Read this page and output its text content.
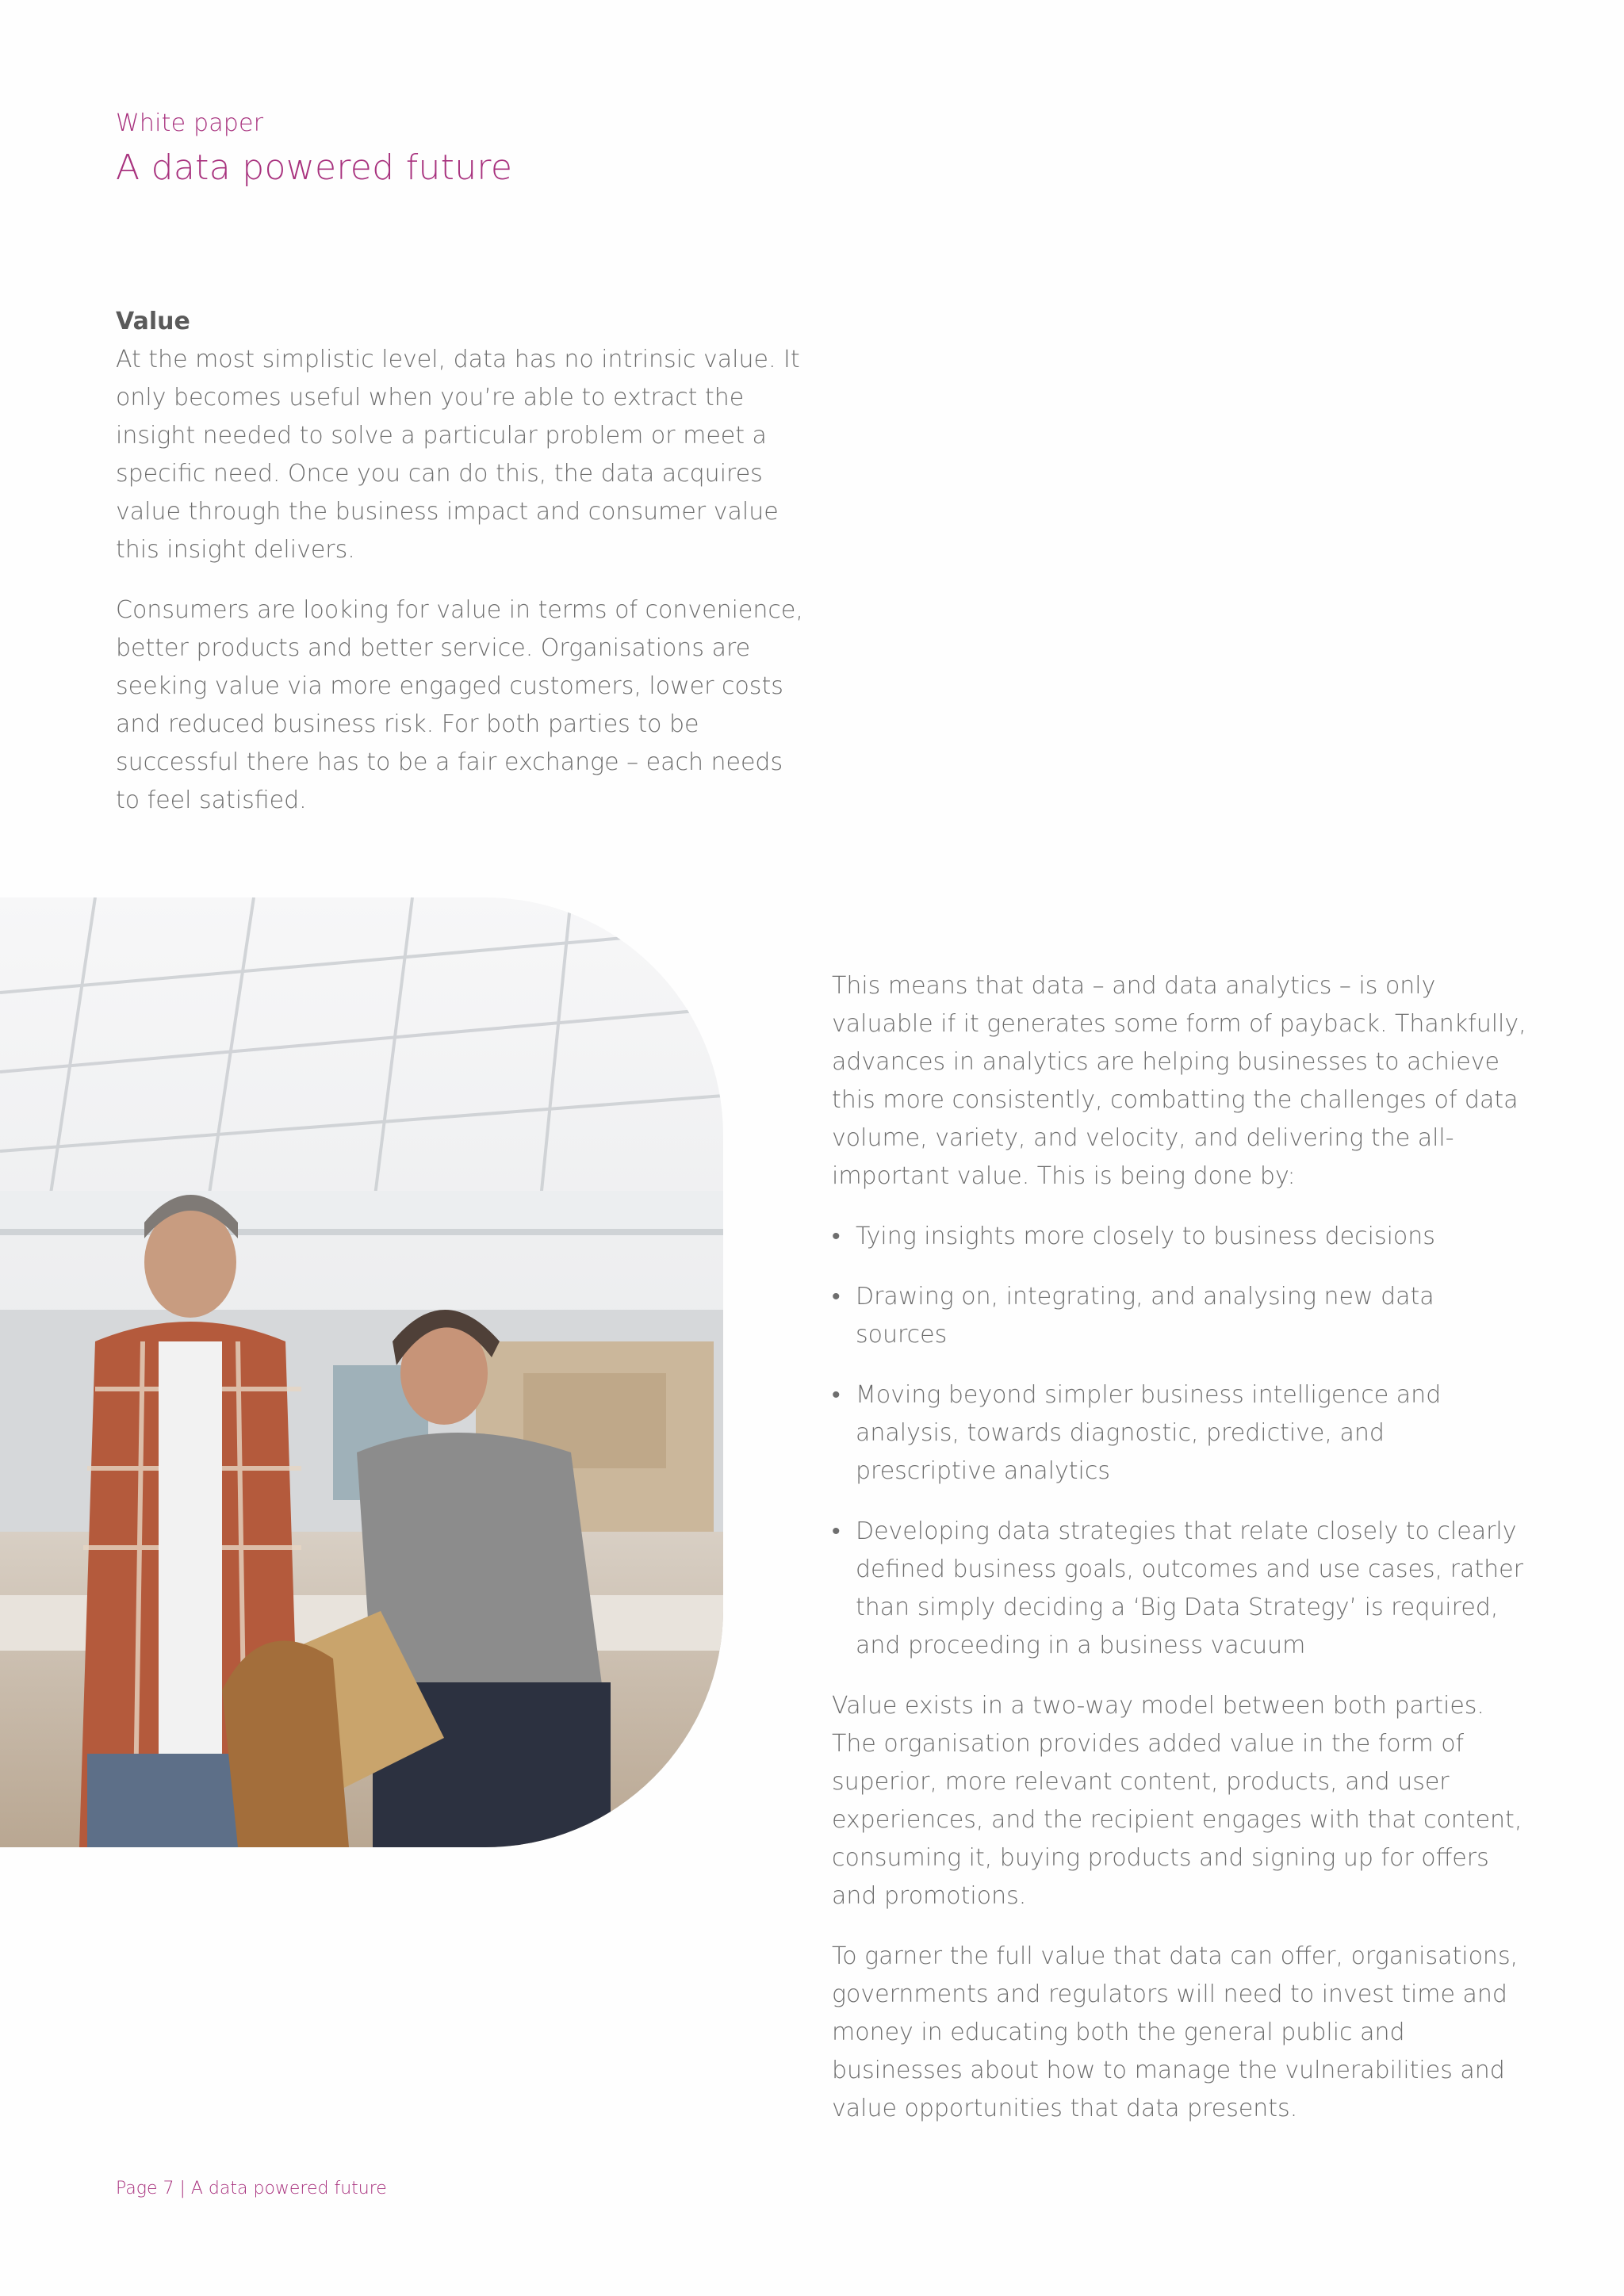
White paper
A data powered future
Value

At the most simplistic level, data has no intrinsic value. It only becomes useful when you’re able to extract the insight needed to solve a particular problem or meet a specific need. Once you can do this, the data acquires value through the business impact and consumer value this insight delivers.

Consumers are looking for value in terms of convenience, better products and better service. Organisations are seeking value via more engaged customers, lower costs and reduced business risk. For both parties to be successful there has to be a fair exchange – each needs to feel satisfied.

This means that data – and data analytics – is only valuable if it generates some form of payback. Thankfully, advances in analytics are helping businesses to achieve this more consistently, combatting the challenges of data volume, variety, and velocity, and delivering the all-important value. This is being done by:

• Tying insights more closely to business decisions
• Drawing on, integrating, and analysing new data sources
• Moving beyond simpler business intelligence and analysis, towards diagnostic, predictive, and prescriptive analytics
• Developing data strategies that relate closely to clearly defined business goals, outcomes and use cases, rather than simply deciding a ‘Big Data Strategy’ is required, and proceeding in a business vacuum

Value exists in a two-way model between both parties. The organisation provides added value in the form of superior, more relevant content, products, and user experiences, and the recipient engages with that content, consuming it, buying products and signing up for offers and promotions.

To garner the full value that data can offer, organisations, governments and regulators will need to invest time and money in educating both the general public and businesses about how to manage the vulnerabilities and value opportunities that data presents.

Page 7 | A data powered future
